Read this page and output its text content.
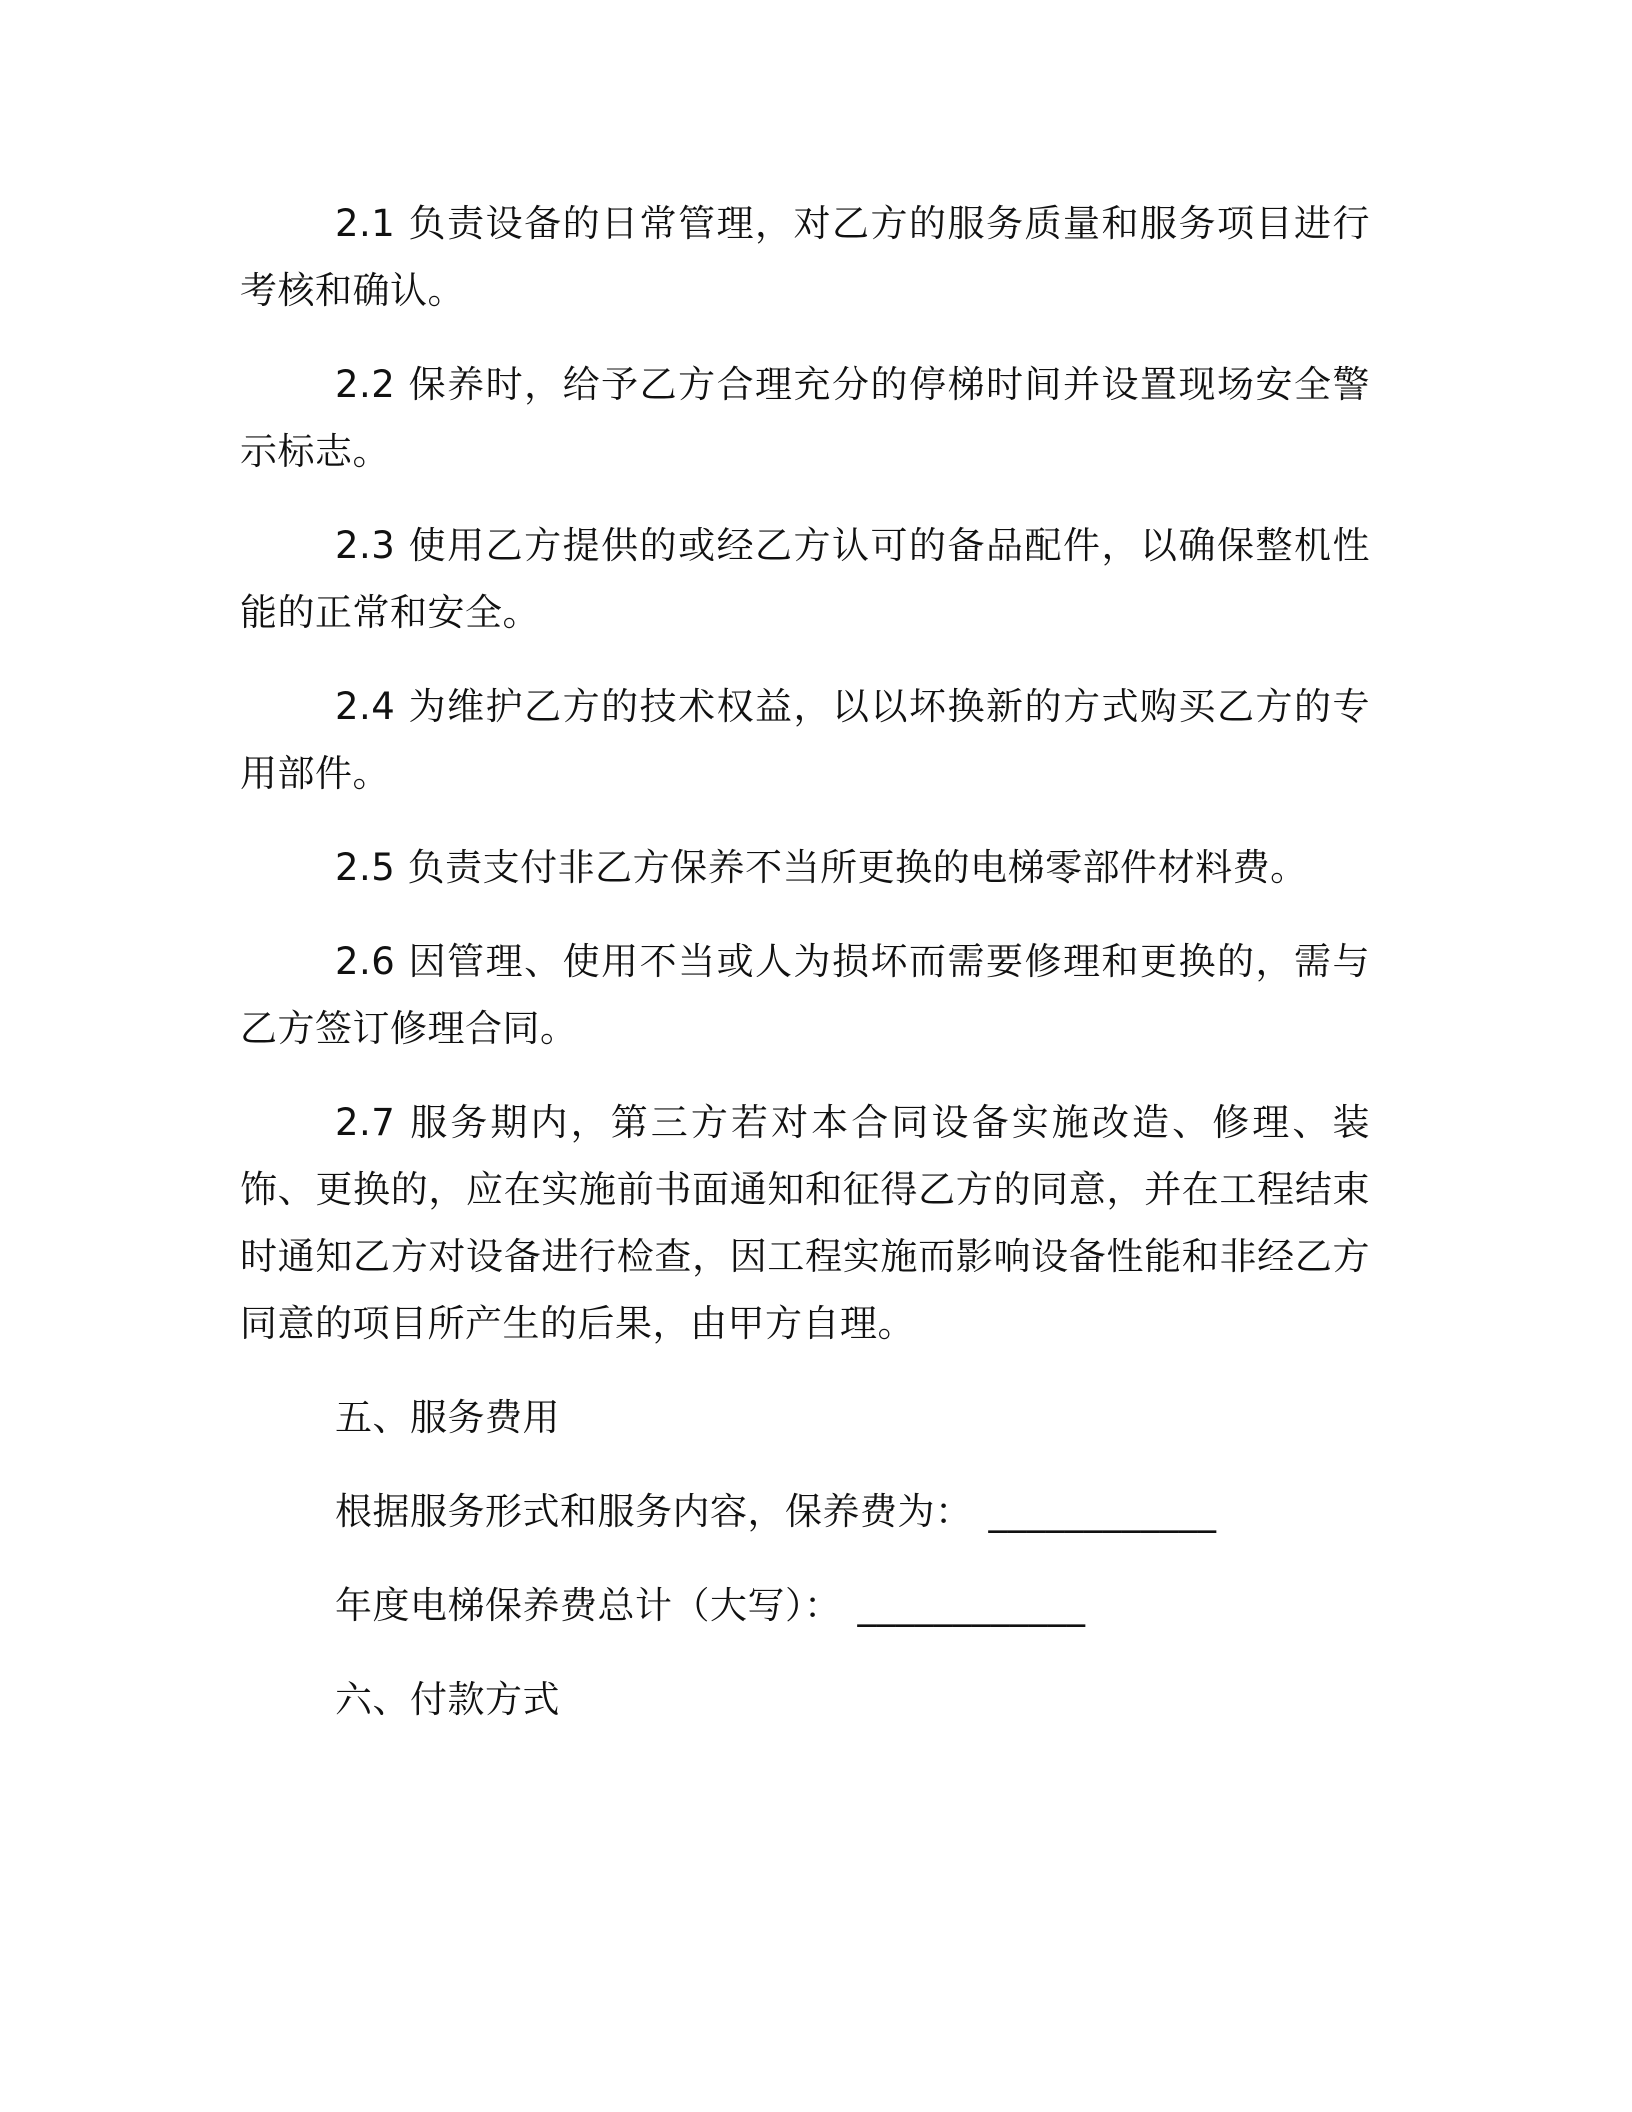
2.1 负责设备的日常管理，对乙方的服务质量和服务项目进行考核和确认。

2.2 保养时，给予乙方合理充分的停梯时间并设置现场安全警示标志。

2.3 使用乙方提供的或经乙方认可的备品配件，以确保整机性能的正常和安全。

2.4 为维护乙方的技术权益，以以坏换新的方式购买乙方的专用部件。

2.5 负责支付非乙方保养不当所更换的电梯零部件材料费。

2.6 因管理、使用不当或人为损坏而需要修理和更换的，需与乙方签订修理合同。

2.7 服务期内，第三方若对本合同设备实施改造、修理、装饰、更换的，应在实施前书面通知和征得乙方的同意，并在工程结束时通知乙方对设备进行检查，因工程实施而影响设备性能和非经乙方同意的项目所产生的后果，由甲方自理。

五、服务费用

根据服务形式和服务内容，保养费为： ____________

年度电梯保养费总计（大写）： ____________

六、付款方式
